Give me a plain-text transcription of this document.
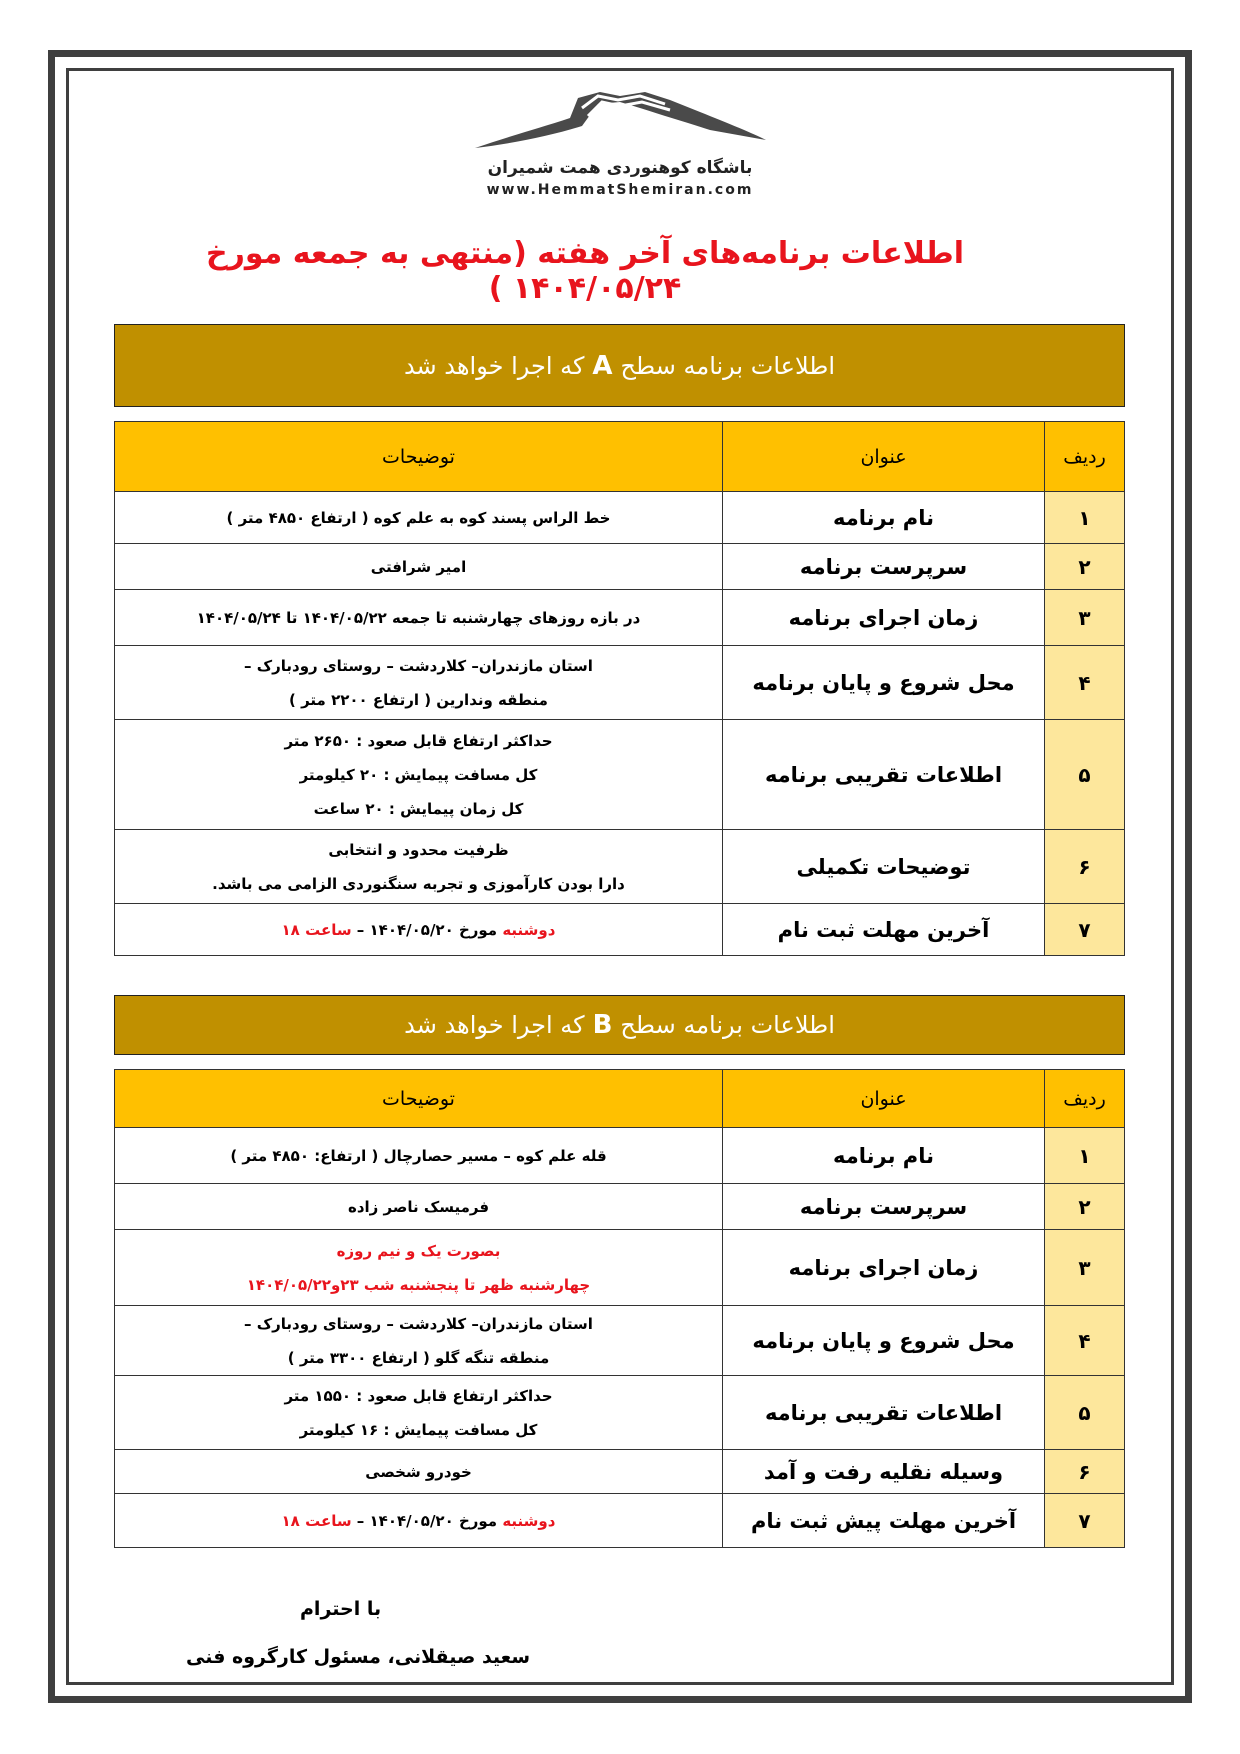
باشگاه کوهنوردی همت شمیران
www.HemmatShemiran.com
اطلاعات برنامه‌های آخر هفته (منتهی به جمعه مورخ ۱۴۰۴/۰۵/۲۴ )
اطلاعات برنامه سطح
A
که اجرا خواهد شد
ردیف	عنوان	توضیحات
۱	نام برنامه	خط الراس پسند کوه به علم کوه ( ارتفاع ۴۸۵۰ متر )

۲	سرپرست برنامه	امیر شرافتی

۳	زمان اجرای برنامه	در بازه روزهای چهارشنبه تا جمعه ۱۴۰۴/۰۵/۲۲ تا ۱۴۰۴/۰۵/۲۴

۴	محل شروع و پایان برنامه	استان مازندران– کلاردشت – روستای رودبارک –
منطقه وندارین ( ارتفاع ۲۲۰۰ متر )

۵	اطلاعات تقریبی برنامه	حداکثر ارتفاع قابل صعود : ۲۶۵۰ متر
کل مسافت پیمایش : ۲۰ کیلومتر
کل زمان پیمایش : ۲۰ ساعت

۶	توضیحات تکمیلی	ظرفیت محدود و انتخابی
دارا بودن کارآموزی و تجربه سنگنوردی الزامی می باشد.

۷	آخرین مهلت ثبت نام	دوشنبه مورخ ۱۴۰۴/۰۵/۲۰ – ساعت ۱۸
اطلاعات برنامه سطح
B
که اجرا خواهد شد
ردیف	عنوان	توضیحات
۱	نام برنامه	قله علم کوه – مسیر حصارچال ( ارتفاع: ۴۸۵۰ متر )

۲	سرپرست برنامه	فرمیسک ناصر زاده

۳	زمان اجرای برنامه	بصورت یک و نیم روزه
چهارشنبه ظهر تا پنجشنبه شب ۲۳و۱۴۰۴/۰۵/۲۲

۴	محل شروع و پایان برنامه	استان مازندران– کلاردشت – روستای رودبارک –
منطقه تنگه گلو ( ارتفاع ۳۳۰۰ متر )

۵	اطلاعات تقریبی برنامه	حداکثر ارتفاع قابل صعود : ۱۵۵۰ متر
کل مسافت پیمایش : ۱۶ کیلومتر

۶	وسیله نقلیه رفت و آمد	خودرو شخصی

۷	آخرین مهلت پیش ثبت نام	دوشنبه مورخ ۱۴۰۴/۰۵/۲۰ – ساعت ۱۸
با احترام
سعید صیقلانی، مسئول کارگروه فنی
